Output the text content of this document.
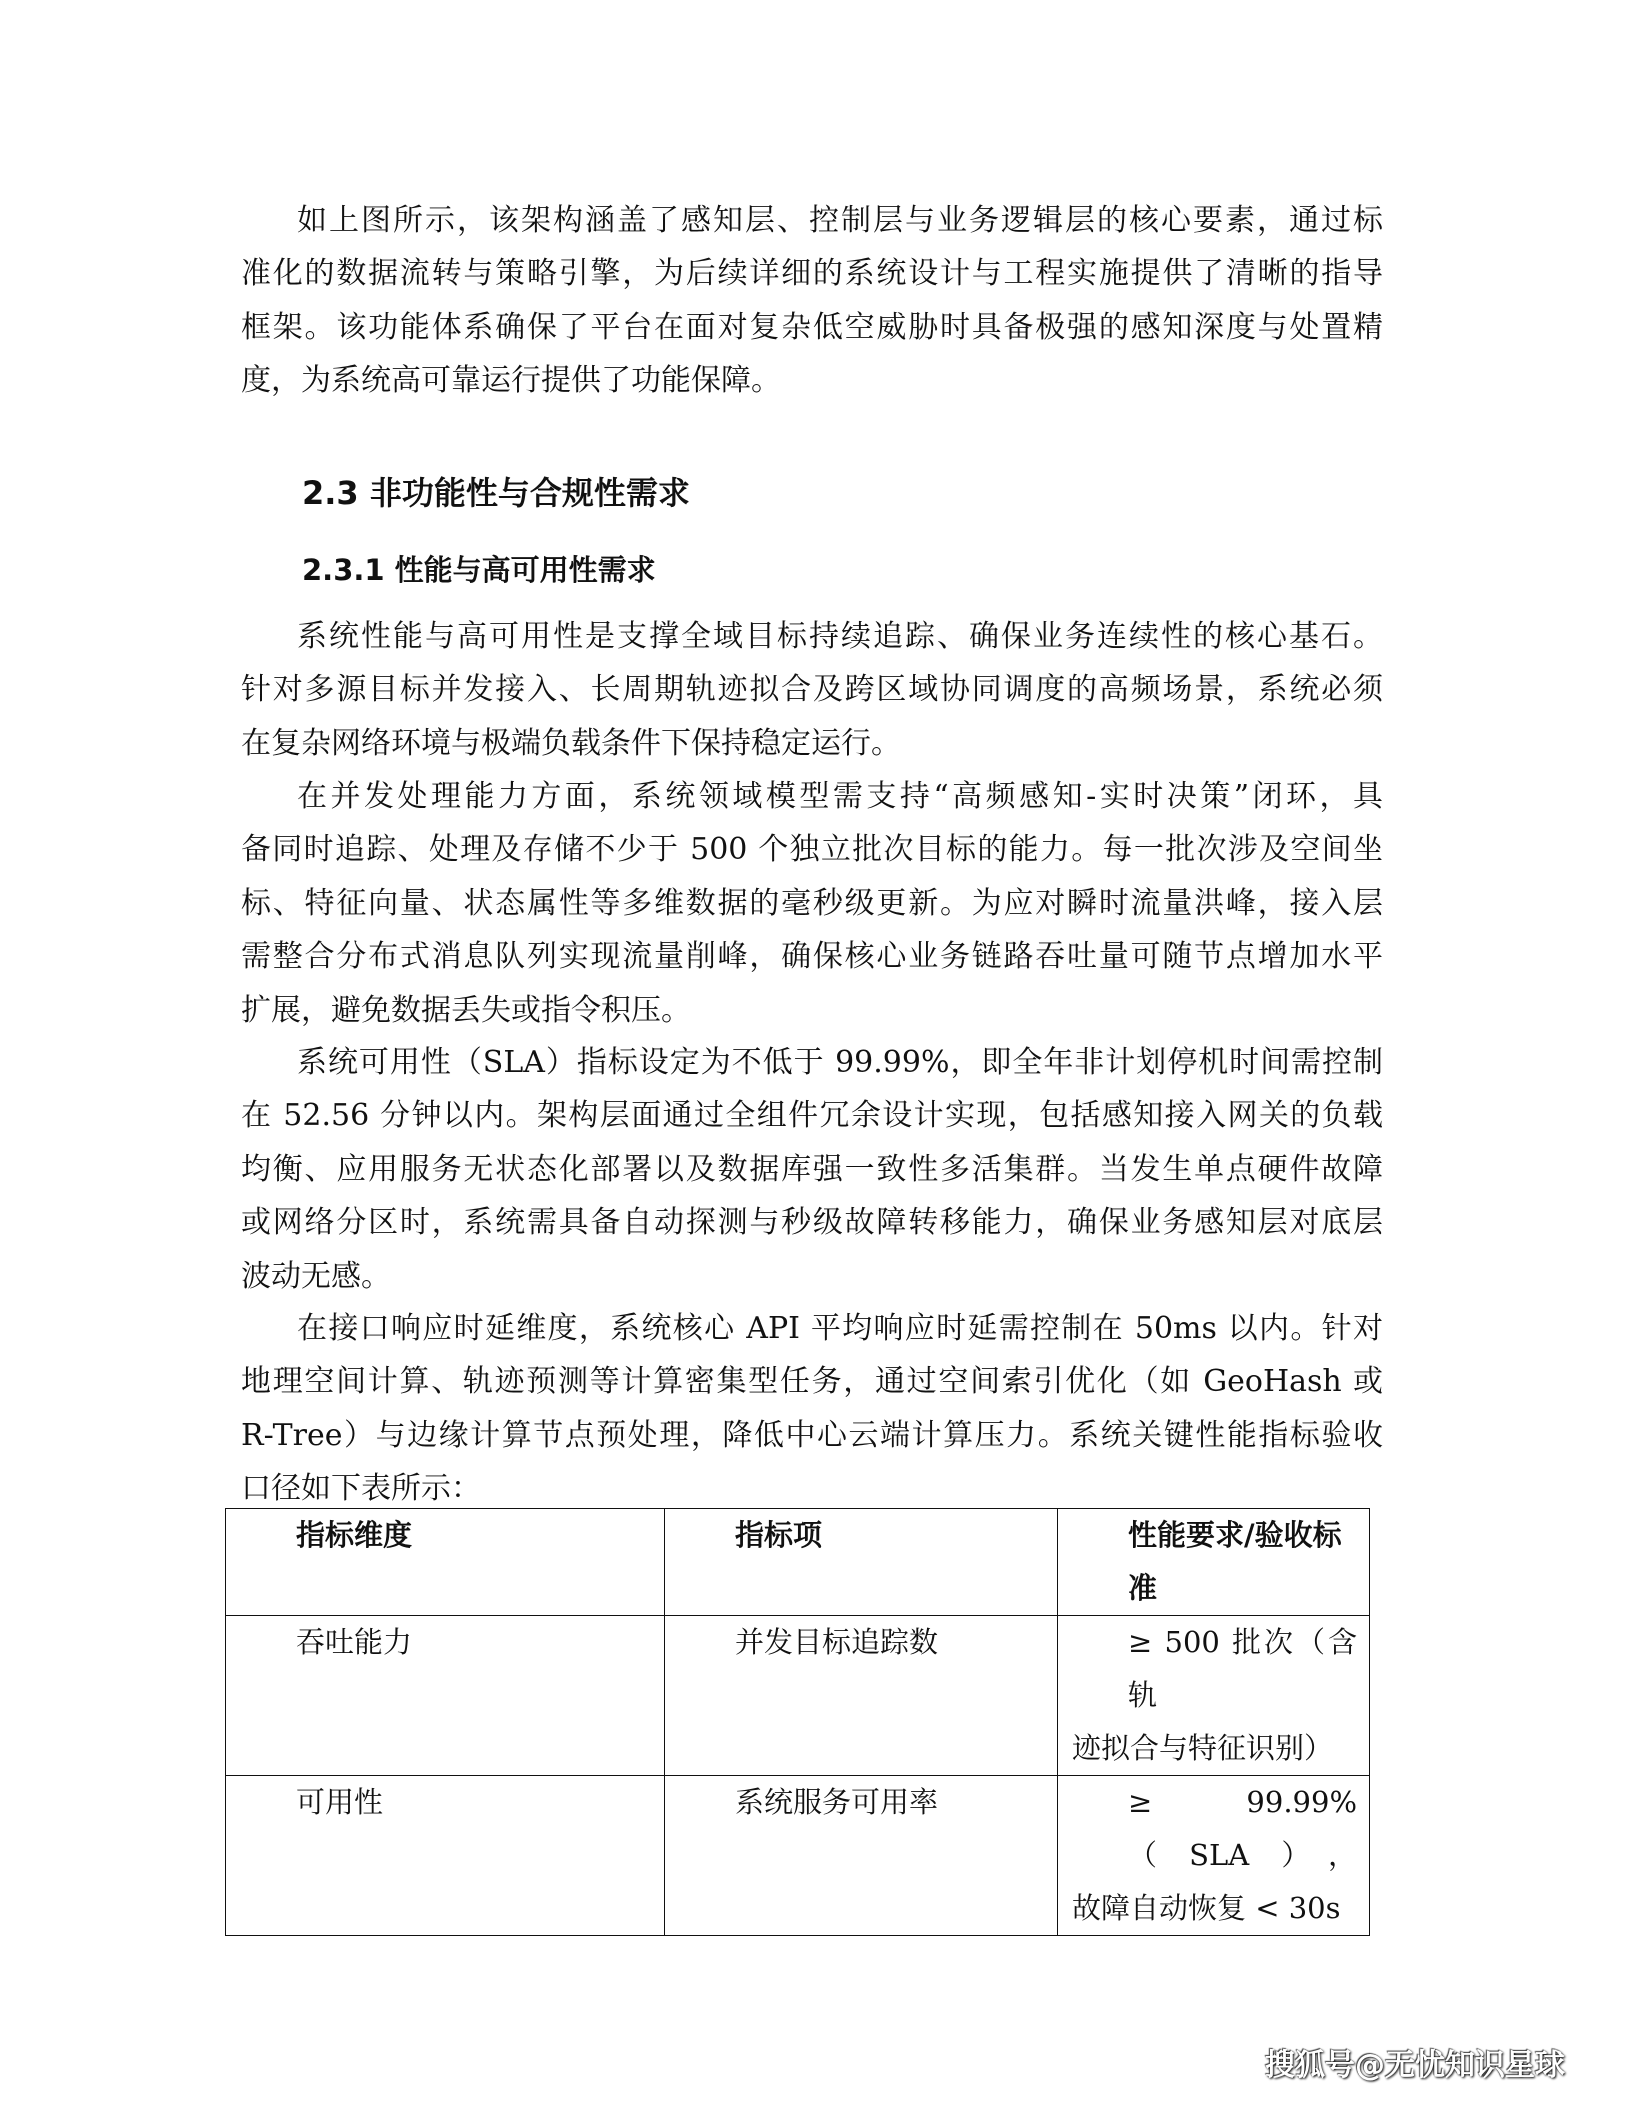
如上图所示，该架构涵盖了感知层、控制层与业务逻辑层的核心要素，通过标
准化的数据流转与策略引擎，为后续详细的系统设计与工程实施提供了清晰的指导
框架。该功能体系确保了平台在面对复杂低空威胁时具备极强的感知深度与处置精
度，为系统高可靠运行提供了功能保障。
2.3 非功能性与合规性需求
2.3.1 性能与高可用性需求
系统性能与高可用性是支撑全域目标持续追踪、确保业务连续性的核心基石。
针对多源目标并发接入、长周期轨迹拟合及跨区域协同调度的高频场景，系统必须
在复杂网络环境与极端负载条件下保持稳定运行。
在并发处理能力方面，系统领域模型需支持“高频感知-实时决策”闭环，具
备同时追踪、处理及存储不少于 500 个独立批次目标的能力。每一批次涉及空间坐
标、特征向量、状态属性等多维数据的毫秒级更新。为应对瞬时流量洪峰，接入层
需整合分布式消息队列实现流量削峰，确保核心业务链路吞吐量可随节点增加水平
扩展，避免数据丢失或指令积压。
系统可用性（SLA）指标设定为不低于 99.99%，即全年非计划停机时间需控制
在 52.56 分钟以内。架构层面通过全组件冗余设计实现，包括感知接入网关的负载
均衡、应用服务无状态化部署以及数据库强一致性多活集群。当发生单点硬件故障
或网络分区时，系统需具备自动探测与秒级故障转移能力，确保业务感知层对底层
波动无感。
在接口响应时延维度，系统核心 API 平均响应时延需控制在 50ms 以内。针对
地理空间计算、轨迹预测等计算密集型任务，通过空间索引优化（如 GeoHash 或
R-Tree）与边缘计算节点预处理，降低中心云端计算压力。系统关键性能指标验收
口径如下表所示：
指标维度	指标项	性能要求/验收标准
吞吐能力	并发目标追踪数	≥ 500 批次（含轨
迹拟合与特征识别）

可用性	系统服务可用率	≥ 99.99%（SLA），
故障自动恢复 < 30s
搜狐号@无忧知识星球
